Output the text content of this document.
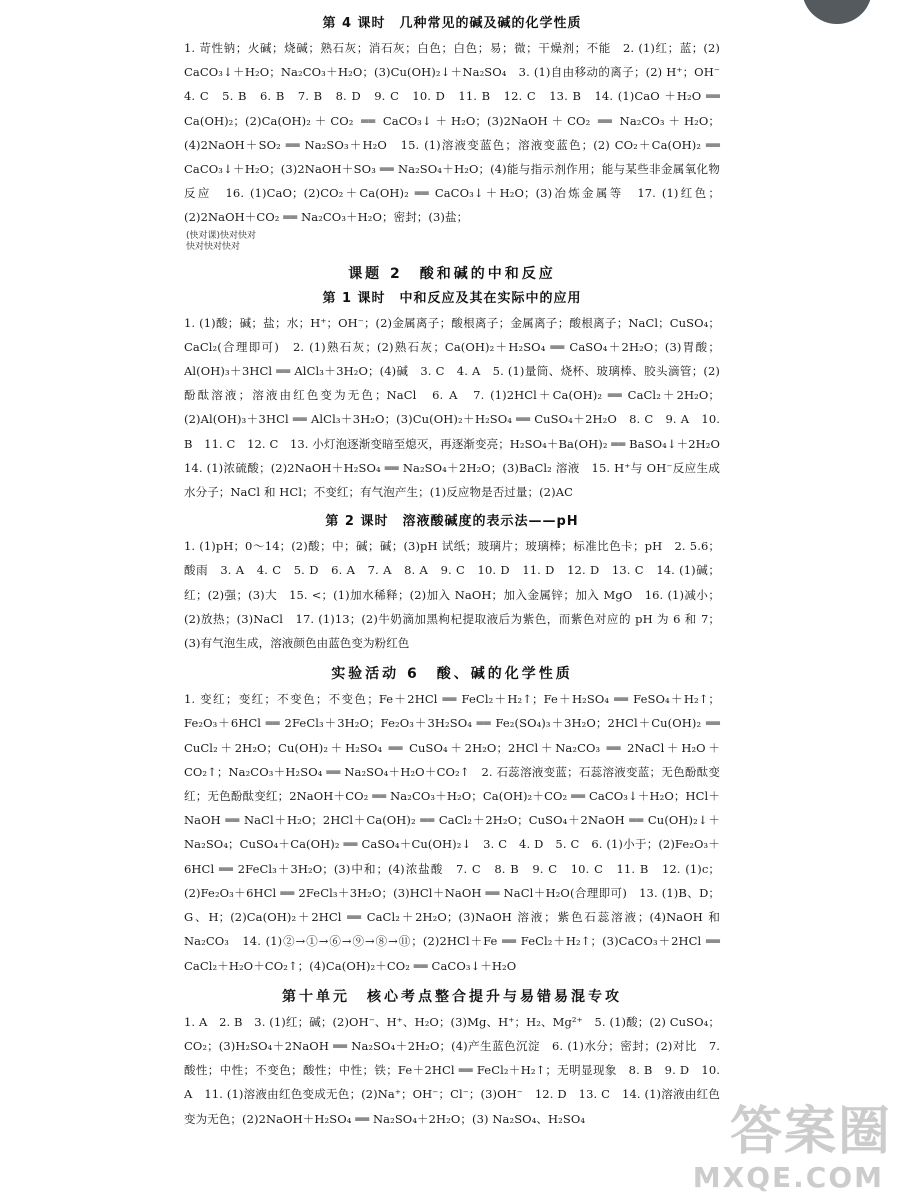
第 4 课时　几种常见的碱及碱的化学性质

1. 苛性钠；火碱；烧碱；熟石灰；消石灰；白色；白色；易；微；干燥剂；不能　2. (1)红；蓝；(2) CaCO₃↓＋H₂O；Na₂CO₃＋H₂O；(3)Cu(OH)₂↓＋Na₂SO₄　3. (1)自由移动的离子；(2) H⁺；OH⁻　4. C　5. B　6. B　7. B　8. D　9. C　10. D　11. B　12. C　13. B　14. (1)CaO ＋H₂O ══ Ca(OH)₂；(2)Ca(OH)₂＋CO₂ ══ CaCO₃↓＋H₂O；(3)2NaOH＋CO₂ ══ Na₂CO₃＋H₂O；(4)2NaOH＋SO₂ ══ Na₂SO₃＋H₂O　15. (1)溶液变蓝色；溶液变蓝色；(2) CO₂＋Ca(OH)₂ ══ CaCO₃↓＋H₂O；(3)2NaOH＋SO₃ ══ Na₂SO₄＋H₂O；(4)能与指示剂作用；能与某些非金属氧化物反应　16. (1)CaO；(2)CO₂＋Ca(OH)₂ ══ CaCO₃↓＋H₂O；(3)冶炼金属等　17. (1)红色；(2)2NaOH＋CO₂ ══ Na₂CO₃＋H₂O；密封；(3)盐；

(快对课)快对快对
快对快对快对
课题 2　酸和碱的中和反应
第 1 课时　中和反应及其在实际中的应用

1. (1)酸；碱；盐；水；H⁺；OH⁻；(2)金属离子；酸根离子；金属离子；酸根离子；NaCl；CuSO₄；CaCl₂(合理即可)　2. (1)熟石灰；(2)熟石灰；Ca(OH)₂＋H₂SO₄ ══ CaSO₄＋2H₂O；(3)胃酸；Al(OH)₃＋3HCl ══ AlCl₃＋3H₂O；(4)碱　3. C　4. A　5. (1)量筒、烧杯、玻璃棒、胶头滴管；(2)酚酞溶液；溶液由红色变为无色；NaCl　6. A　7. (1)2HCl＋Ca(OH)₂ ══ CaCl₂＋2H₂O；(2)Al(OH)₃＋3HCl ══ AlCl₃＋3H₂O；(3)Cu(OH)₂＋H₂SO₄ ══ CuSO₄＋2H₂O　8. C　9. A　10. B　11. C　12. C　13. 小灯泡逐渐变暗至熄灭，再逐渐变亮；H₂SO₄＋Ba(OH)₂ ══ BaSO₄↓＋2H₂O　14. (1)浓硫酸；(2)2NaOH＋H₂SO₄ ══ Na₂SO₄＋2H₂O；(3)BaCl₂ 溶液　15. H⁺与 OH⁻反应生成水分子；NaCl 和 HCl；不变红；有气泡产生；(1)反应物是否过量；(2)AC

第 2 课时　溶液酸碱度的表示法——pH

1. (1)pH；0～14；(2)酸；中；碱；碱；(3)pH 试纸；玻璃片；玻璃棒；标准比色卡；pH　2. 5.6；酸雨　3. A　4. C　5. D　6. A　7. A　8. A　9. C　10. D　11. D　12. D　13. C　14. (1)碱；红；(2)强；(3)大　15. <；(1)加水稀释；(2)加入 NaOH；加入金属锌；加入 MgO　16. (1)减小；(2)放热；(3)NaCl　17. (1)13；(2)牛奶滴加黑枸杞提取液后为紫色，而紫色对应的 pH 为 6 和 7；(3)有气泡生成，溶液颜色由蓝色变为粉红色

实验活动 6　酸、碱的化学性质

1. 变红；变红；不变色；不变色；Fe＋2HCl ══ FeCl₂＋H₂↑；Fe＋H₂SO₄ ══ FeSO₄＋H₂↑；Fe₂O₃＋6HCl ══ 2FeCl₃＋3H₂O；Fe₂O₃＋3H₂SO₄ ══ Fe₂(SO₄)₃＋3H₂O；2HCl＋Cu(OH)₂ ══ CuCl₂＋2H₂O；Cu(OH)₂＋H₂SO₄ ══ CuSO₄＋2H₂O；2HCl＋Na₂CO₃ ══ 2NaCl＋H₂O＋CO₂↑；Na₂CO₃＋H₂SO₄ ══ Na₂SO₄＋H₂O＋CO₂↑　2. 石蕊溶液变蓝；石蕊溶液变蓝；无色酚酞变红；无色酚酞变红；2NaOH＋CO₂ ══ Na₂CO₃＋H₂O；Ca(OH)₂＋CO₂ ══ CaCO₃↓＋H₂O；HCl＋NaOH ══ NaCl＋H₂O；2HCl＋Ca(OH)₂ ══ CaCl₂＋2H₂O；CuSO₄＋2NaOH ══ Cu(OH)₂↓＋Na₂SO₄；CuSO₄＋Ca(OH)₂ ══ CaSO₄＋Cu(OH)₂↓　3. C　4. D　5. C　6. (1)小于；(2)Fe₂O₃＋6HCl ══ 2FeCl₃＋3H₂O；(3)中和；(4)浓盐酸　7. C　8. B　9. C　10. C　11. B　12. (1)c；(2)Fe₂O₃＋6HCl ══ 2FeCl₃＋3H₂O；(3)HCl＋NaOH ══ NaCl＋H₂O(合理即可)　13. (1)B、D；G、H；(2)Ca(OH)₂＋2HCl ══ CaCl₂＋2H₂O；(3)NaOH 溶液；紫色石蕊溶液；(4)NaOH 和 Na₂CO₃　14. (1)②→①→⑥→⑨→⑧→⑪；(2)2HCl＋Fe ══ FeCl₂＋H₂↑；(3)CaCO₃＋2HCl ══ CaCl₂＋H₂O＋CO₂↑；(4)Ca(OH)₂＋CO₂ ══ CaCO₃↓＋H₂O

第十单元　核心考点整合提升与易错易混专攻

1. A　2. B　3. (1)红；碱；(2)OH⁻、H⁺、H₂O；(3)Mg、H⁺；H₂、Mg²⁺　5. (1)酸；(2) CuSO₄；CO₂；(3)H₂SO₄＋2NaOH ══ Na₂SO₄＋2H₂O；(4)产生蓝色沉淀　6. (1)水分；密封；(2)对比　7. 酸性；中性；不变色；酸性；中性；铁；Fe＋2HCl ══ FeCl₂＋H₂↑；无明显现象　8. B　9. D　10. A　11. (1)溶液由红色变成无色；(2)Na⁺；OH⁻；Cl⁻；(3)OH⁻　12. D　13. C　14. (1)溶液由红色变为无色；(2)2NaOH＋H₂SO₄ ══ Na₂SO₄＋2H₂O；(3) Na₂SO₄、H₂SO₄	答案圈
MXQE.COM
